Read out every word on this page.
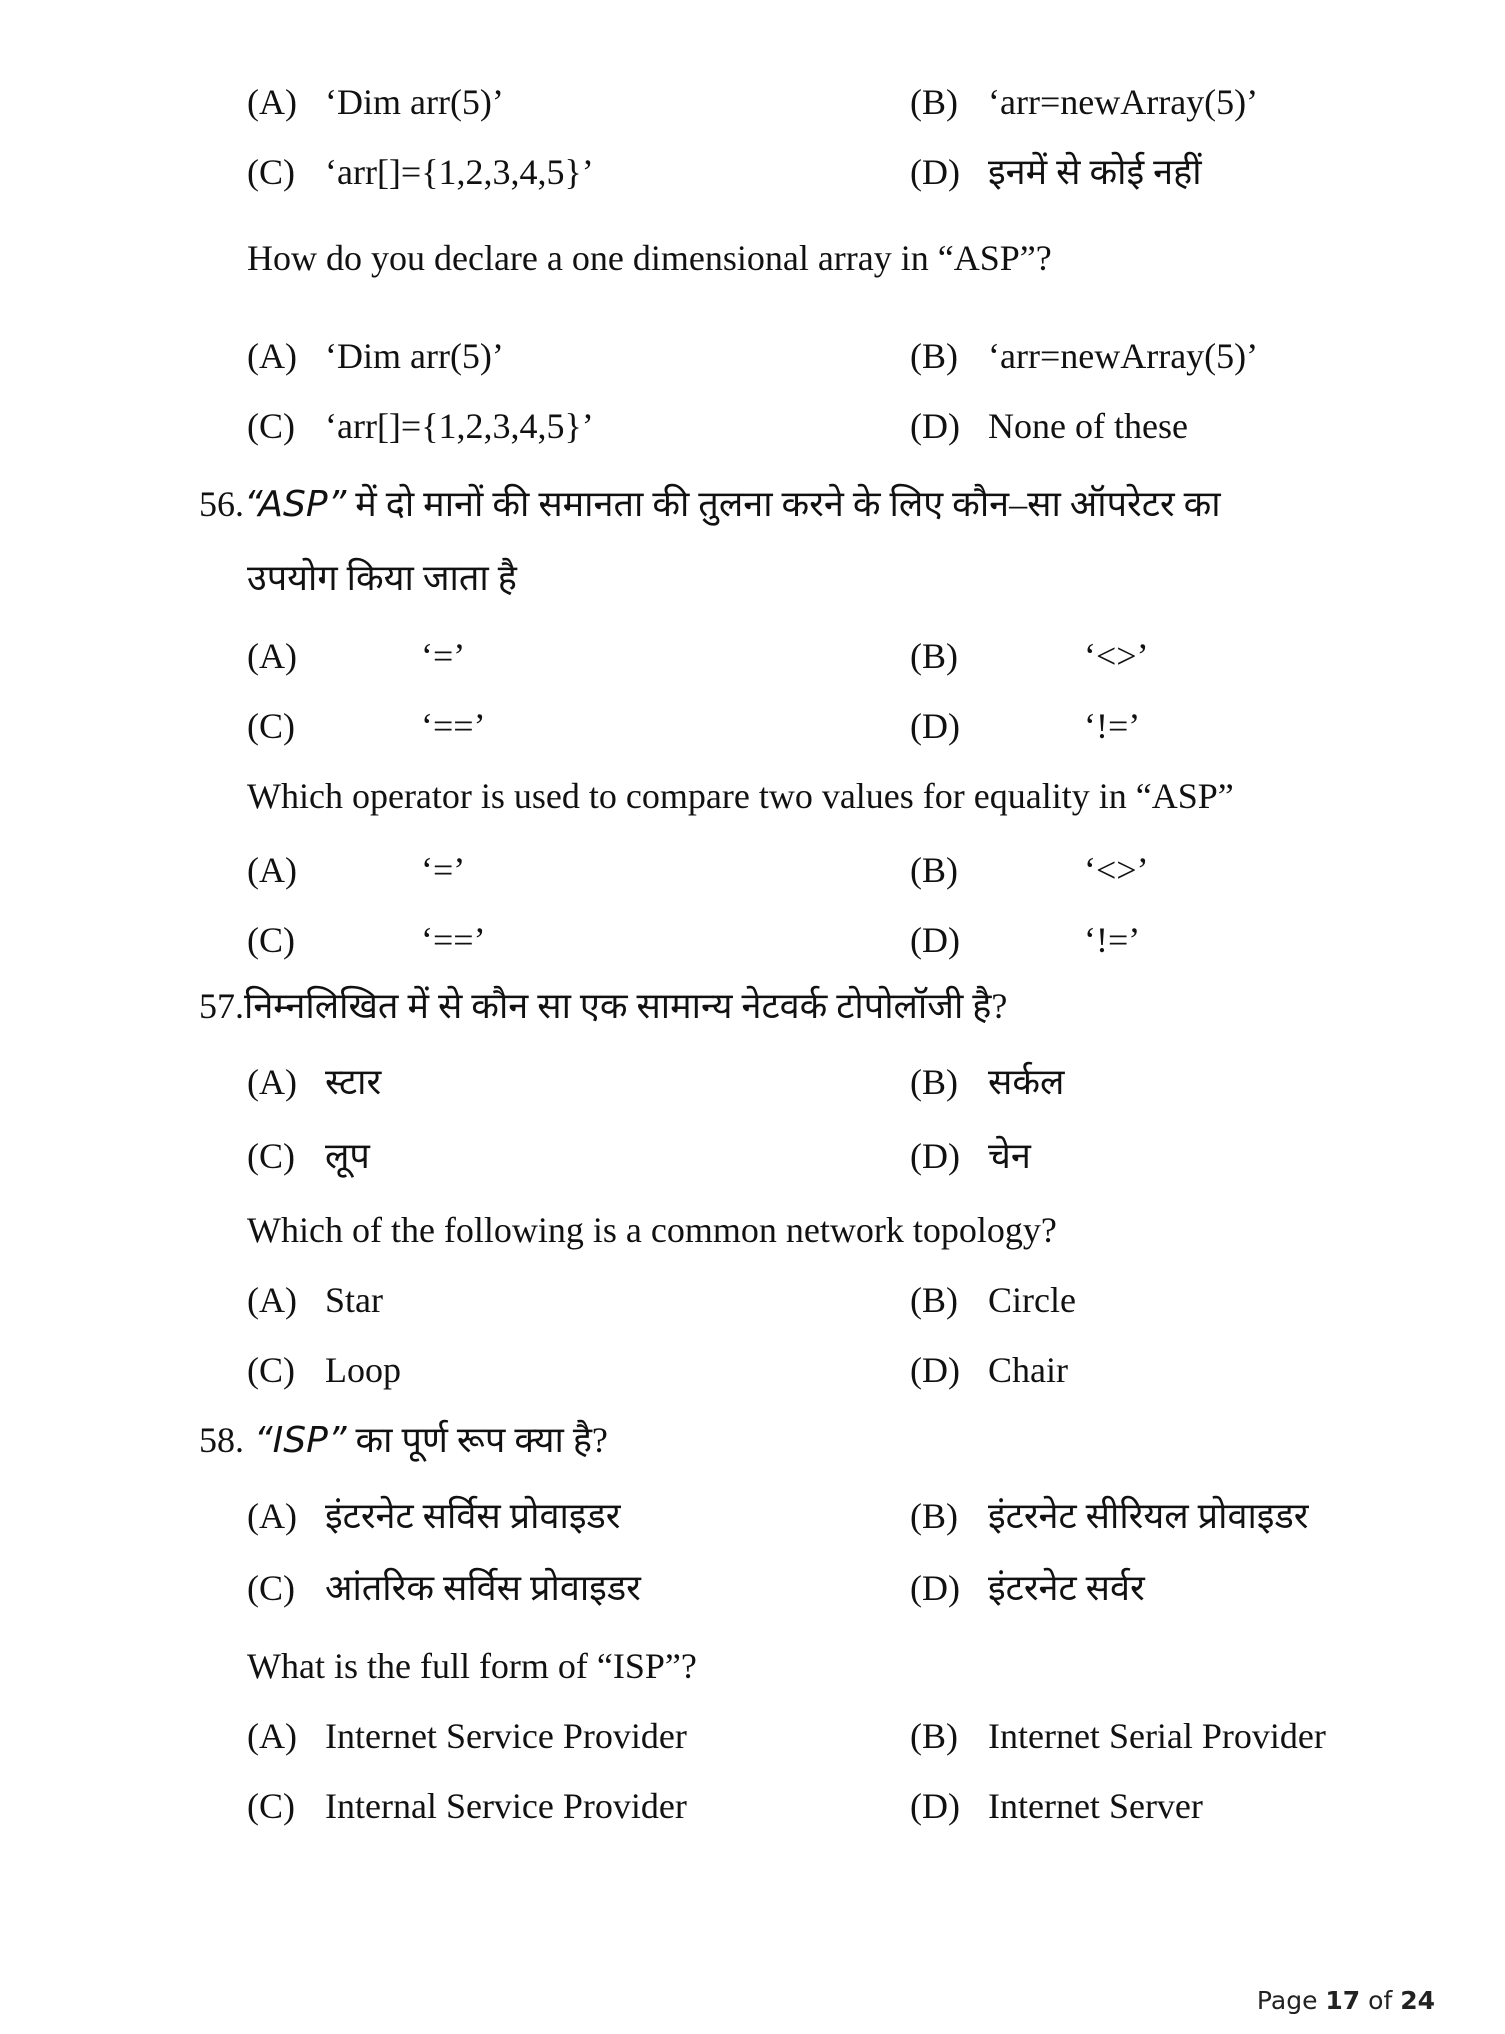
(A) ‘Dim arr(5)’	(B) ‘arr=newArray(5)’
(C) ‘arr[]={1,2,3,4,5}’	(D) इनमें से कोई नहीं
How do you declare a one dimensional array in “ASP”?
(A) ‘Dim arr(5)’	(B) ‘arr=newArray(5)’
(C) ‘arr[]={1,2,3,4,5}’	(D) None of these
56.“ASP” में दो मानों की समानता की तुलना करने के लिए कौन–सा ऑपरेटर का
उपयोग किया जाता है
(A)	‘=’	(B)	‘<>’
(C)	‘==’	(D)	‘!=’
Which operator is used to compare two values for equality in “ASP”
(A)	‘=’	(B)	‘<>’
(C)	‘==’	(D)	‘!=’
57.निम्नलिखित में से कौन सा एक सामान्य नेटवर्क टोपोलॉजी है?
(A) स्टार	(B) सर्कल
(C) लूप	(D) चेन
Which of the following is a common network topology?
(A) Star	(B) Circle
(C) Loop	(D) Chair
58. “ISP” का पूर्ण रूप क्या है?
(A) इंटरनेट सर्विस प्रोवाइडर	(B) इंटरनेट सीरियल प्रोवाइडर
(C) आंतरिक सर्विस प्रोवाइडर	(D) इंटरनेट सर्वर
What is the full form of “ISP”?
(A) Internet Service Provider	(B) Internet Serial Provider
(C) Internal Service Provider	(D) Internet Server
Page 17 of 24
